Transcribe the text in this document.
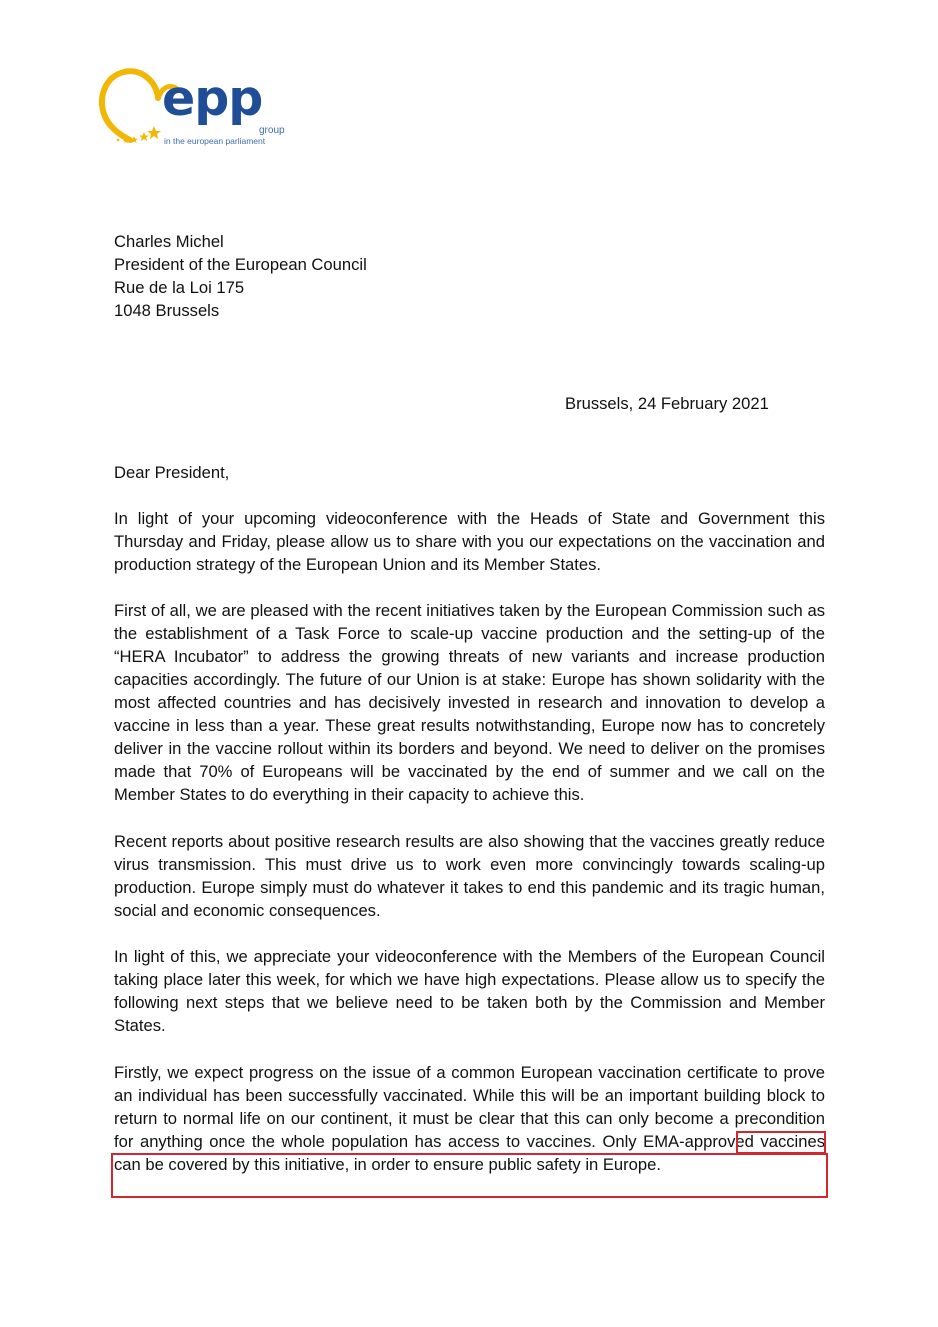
epp
group
in the european parliament
Charles Michel
President of the European Council
Rue de la Loi 175
1048 Brussels
Brussels, 24 February 2021
Dear President,

In light of your upcoming videoconference with the Heads of State and Government this Thursday and Friday, please allow us to share with you our expectations on the vaccination and production strategy of the European Union and its Member States.

First of all, we are pleased with the recent initiatives taken by the European Commission such as the establishment of a Task Force to scale-up vaccine production and the setting-up of the “HERA Incubator” to address the growing threats of new variants and increase production capacities accordingly. The future of our Union is at stake: Europe has shown solidarity with the most affected countries and has decisively invested in research and innovation to develop a vaccine in less than a year. These great results notwithstanding, Europe now has to concretely deliver in the vaccine rollout within its borders and beyond. We need to deliver on the promises made that 70% of Europeans will be vaccinated by the end of summer and we call on the Member States to do everything in their capacity to achieve this.

Recent reports about positive research results are also showing that the vaccines greatly reduce virus transmission. This must drive us to work even more convincingly towards scaling-up production. Europe simply must do whatever it takes to end this pandemic and its tragic human, social and economic consequences.

In light of this, we appreciate your videoconference with the Members of the European Council taking place later this week, for which we have high expectations. Please allow us to specify the following next steps that we believe need to be taken both by the Commission and Member States.

Firstly, we expect progress on the issue of a common European vaccination certificate to prove an individual has been successfully vaccinated. While this will be an important building block to return to normal life on our continent, it must be clear that this can only become a precondition for anything once the whole population has access to vaccines. Only EMA-approved vaccines can be covered by this initiative, in order to ensure public safety in Europe.
